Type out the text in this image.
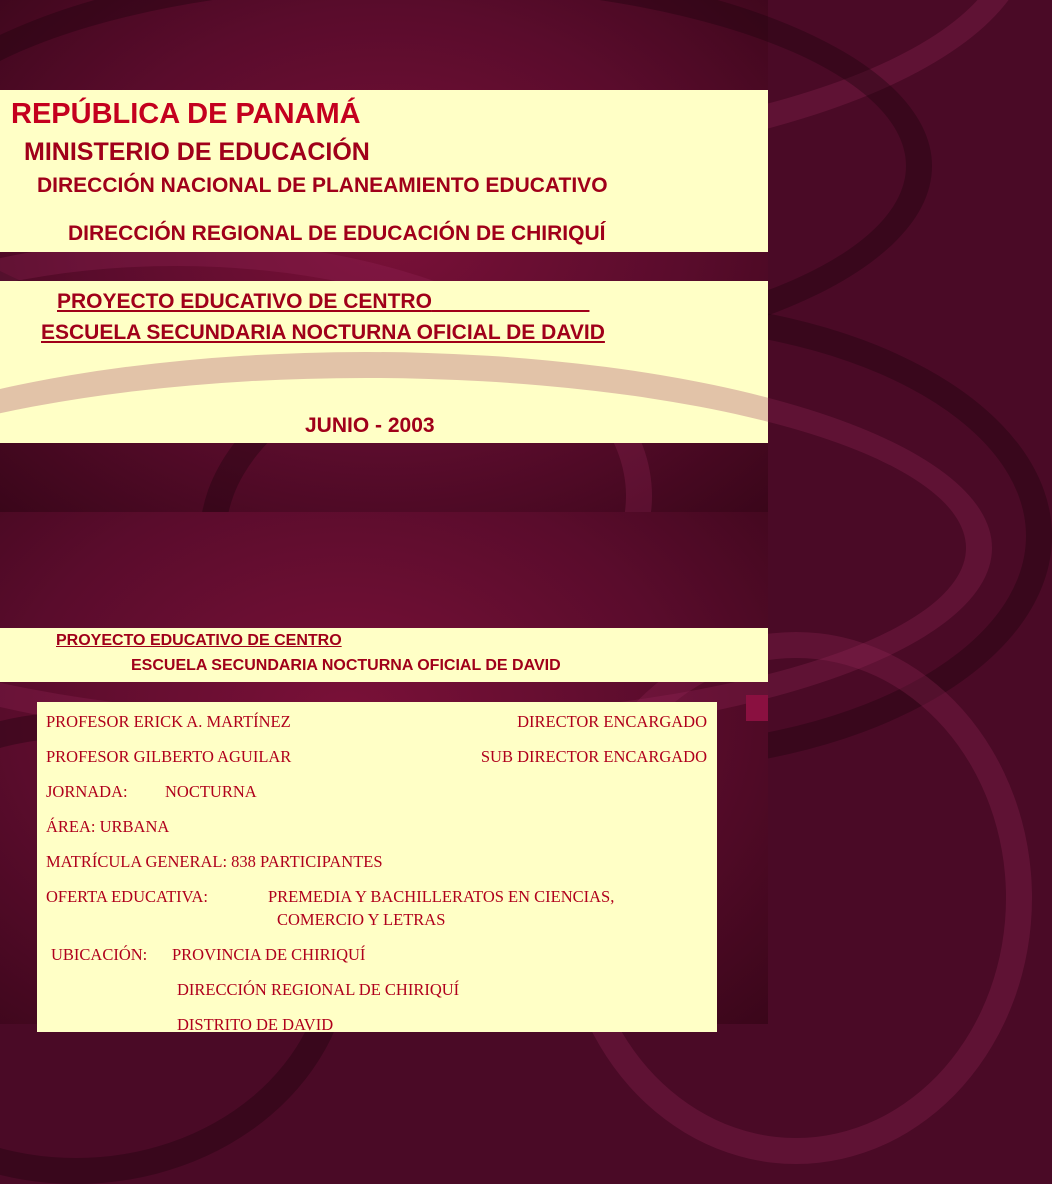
REPÚBLICA DE PANAMÁ
MINISTERIO DE EDUCACIÓN
DIRECCIÓN NACIONAL DE PLANEAMIENTO EDUCATIVO
DIRECCIÓN REGIONAL DE EDUCACIÓN DE CHIRIQUÍ
PROYECTO EDUCATIVO DE CENTRO
ESCUELA SECUNDARIA NOCTURNA OFICIAL DE DAVID
JUNIO - 2003
PROYECTO EDUCATIVO DE CENTRO
ESCUELA SECUNDARIA NOCTURNA OFICIAL DE DAVID
PROFESOR ERICK A. MARTÍNEZ	DIRECTOR ENCARGADO
PROFESOR GILBERTO AGUILAR	SUB DIRECTOR ENCARGADO
JORNADA: NOCTURNA
ÁREA: URBANA
MATRÍCULA GENERAL: 838 PARTICIPANTES
OFERTA EDUCATIVA:	PREMEDIA Y BACHILLERATOS EN CIENCIAS,
COMERCIO Y LETRAS
UBICACIÓN: PROVINCIA DE CHIRIQUÍ
DIRECCIÓN REGIONAL DE CHIRIQUÍ
DISTRITO DE DAVID
